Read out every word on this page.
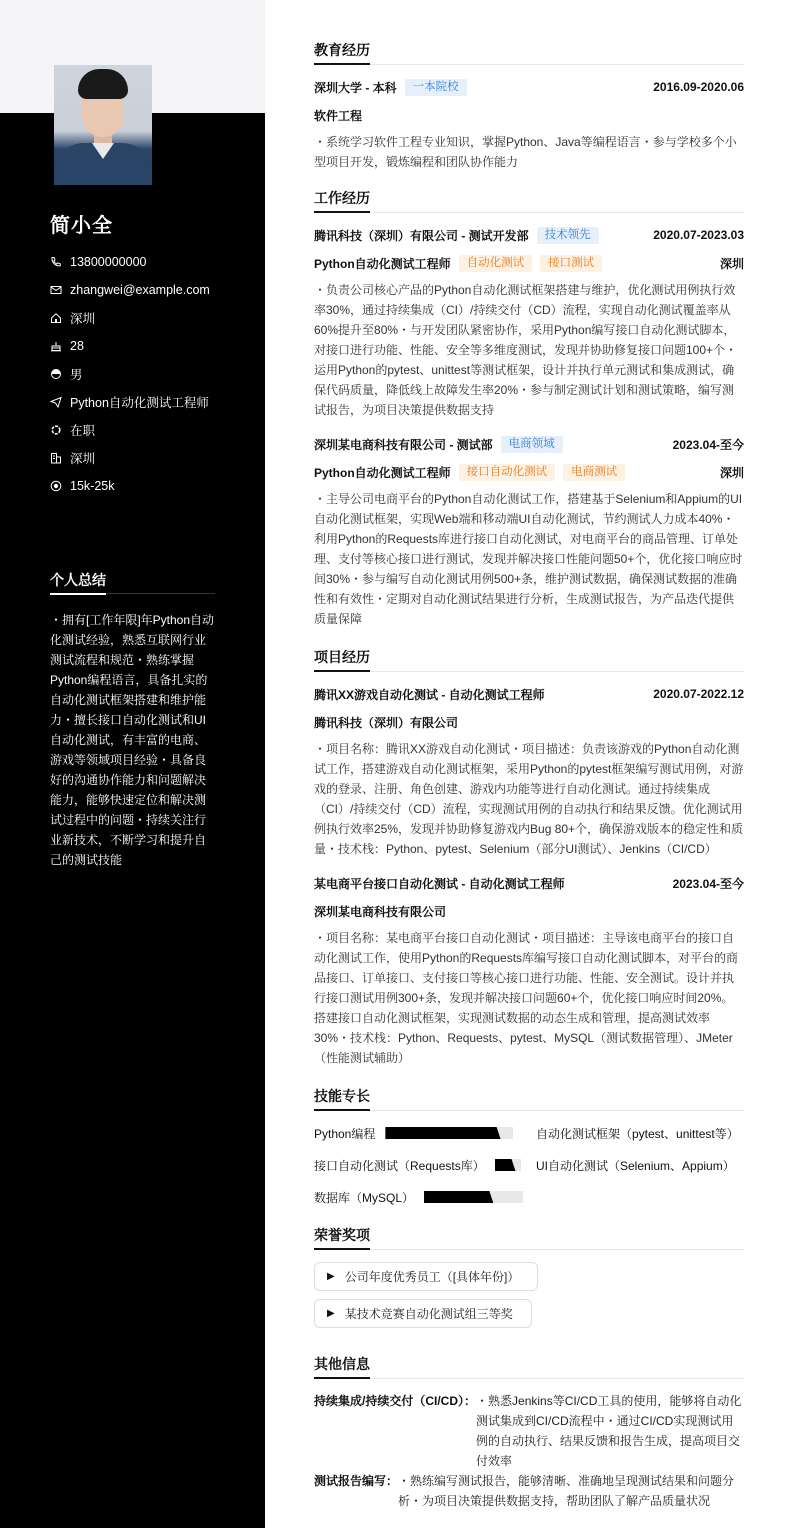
简小全
13800000000
zhangwei@example.com
深圳
28
男
Python自动化测试工程师
在职
深圳
15k-25k
个人总结
・拥有[工作年限]年Python自动化测试经验，熟悉互联网行业测试流程和规范・熟练掌握Python编程语言，具备扎实的自动化测试框架搭建和维护能力・擅长接口自动化测试和UI自动化测试，有丰富的电商、游戏等领域项目经验・具备良好的沟通协作能力和问题解决能力，能够快速定位和解决测试过程中的问题・持续关注行业新技术，不断学习和提升自己的测试技能
教育经历
深圳大学 - 本科	一本院校	2016.09-2020.06
软件工程
・系统学习软件工程专业知识，掌握Python、Java等编程语言・参与学校多个小型项目开发，锻炼编程和团队协作能力
工作经历
腾讯科技（深圳）有限公司 - 测试开发部	技术领先	2020.07-2023.03
Python自动化测试工程师	自动化测试	接口测试	深圳
・负责公司核心产品的Python自动化测试框架搭建与维护，优化测试用例执行效率30%，通过持续集成（CI）/持续交付（CD）流程，实现自动化测试覆盖率从60%提升至80%・与开发团队紧密协作，采用Python编写接口自动化测试脚本，对接口进行功能、性能、安全等多维度测试，发现并协助修复接口问题100+个・运用Python的pytest、unittest等测试框架，设计并执行单元测试和集成测试，确保代码质量，降低线上故障发生率20%・参与制定测试计划和测试策略，编写测试报告，为项目决策提供数据支持
深圳某电商科技有限公司 - 测试部	电商领域	2023.04-至今
Python自动化测试工程师	接口自动化测试	电商测试	深圳
・主导公司电商平台的Python自动化测试工作，搭建基于Selenium和Appium的UI自动化测试框架，实现Web端和移动端UI自动化测试，节约测试人力成本40%・利用Python的Requests库进行接口自动化测试，对电商平台的商品管理、订单处理、支付等核心接口进行测试，发现并解决接口性能问题50+个，优化接口响应时间30%・参与编写自动化测试用例500+条，维护测试数据，确保测试数据的准确性和有效性・定期对自动化测试结果进行分析，生成测试报告，为产品迭代提供质量保障
项目经历
腾讯XX游戏自动化测试 - 自动化测试工程师	2020.07-2022.12
腾讯科技（深圳）有限公司
・项目名称：腾讯XX游戏自动化测试・项目描述：负责该游戏的Python自动化测试工作，搭建游戏自动化测试框架，采用Python的pytest框架编写测试用例，对游戏的登录、注册、角色创建、游戏内功能等进行自动化测试。通过持续集成（CI）/持续交付（CD）流程，实现测试用例的自动执行和结果反馈。优化测试用例执行效率25%，发现并协助修复游戏内Bug 80+个，确保游戏版本的稳定性和质量・技术栈：Python、pytest、Selenium（部分UI测试）、Jenkins（CI/CD）
某电商平台接口自动化测试 - 自动化测试工程师	2023.04-至今
深圳某电商科技有限公司
・项目名称：某电商平台接口自动化测试・项目描述：主导该电商平台的接口自动化测试工作，使用Python的Requests库编写接口自动化测试脚本，对平台的商品接口、订单接口、支付接口等核心接口进行功能、性能、安全测试。设计并执行接口测试用例300+条，发现并解决接口问题60+个，优化接口响应时间20%。搭建接口自动化测试框架，实现测试数据的动态生成和管理，提高测试效率30%・技术栈：Python、Requests、pytest、MySQL（测试数据管理）、JMeter（性能测试辅助）
技能专长
Python编程	自动化测试框架（pytest、unittest等）
接口自动化测试（Requests库）	UI自动化测试（Selenium、Appium）
数据库（MySQL）
荣誉奖项
▶ 公司年度优秀员工（[具体年份]）
▶ 某技术竞赛自动化测试组三等奖
其他信息
持续集成/持续交付（CI/CD）： ・熟悉Jenkins等CI/CD工具的使用，能够将自动化测试集成到CI/CD流程中・通过CI/CD实现测试用例的自动执行、结果反馈和报告生成，提高项目交付效率
测试报告编写： ・熟练编写测试报告，能够清晰、准确地呈现测试结果和问题分析・为项目决策提供数据支持，帮助团队了解产品质量状况
